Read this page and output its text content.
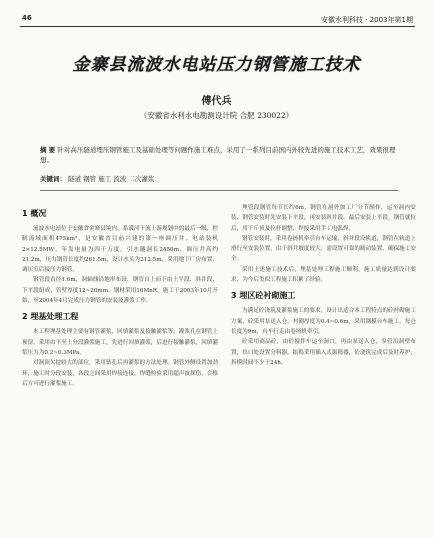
46	安徽水利科技 · 2003年第1期
金寨县流波水电站压力钢管施工技术
傅代兵
（安徽省水利水电勘测设计院 合肥 230022）
摘 要 针对高压隧道埋压钢管施工及基础处理等问题作施工难点，采用了一系列目前国内外较先进的施工技术工艺，效果很理想。
关键词： 隧道 钢管 施工 流波 二次灌浆
1 概况

流波水电站位于安徽省金寨县境内，系潢河干流上游规划中的最后一级，控制流域面积475km²，是安徽省目前兴建的第一座调压井。电站装机2×12.5MW，年发电量为四千万度，引水隧洞长2450m，调压井高约21.2m，压力钢管长度约261.5m，设计水头为212.5m，采用地下厂房布置，调压室后接压力钢管。

钢管段直径1.6m，洞轴线沿地形布设，钢管自上而下由上平段、斜井段、下平段组成，管壁厚度12~20mm，钢材采用16MnR。施工于2003年10月开始，至2004年4月完成压力钢管的安装及灌浆工作。

2 埋基处理工程

本工程埋基处理主要有钢管灌浆、回填灌浆及接触灌浆等。灌浆孔在钢管上预留，采用由下至上分段灌浆施工，先进行回填灌浆，后进行接触灌浆，回填灌浆压力为0.2~0.3MPa。

对洞顶欠挖较大的部位，采用钻孔后再灌浆的方法处理。钢管外侧设置加劲环，施工时分段安装，各段之间采用焊接连接，焊缝检验采用超声波探伤，合格后方可进行灌浆施工。

埋管段钢管每节长约6m，钢管在洞外加工厂分节制作，运至洞内安装，钢管安装时先安装下平段，再安装斜井段，最后安装上平段。钢管就位后，用千斤顶及拉杆调整，焊接采用手工电弧焊。

钢管安装时，采用卷扬机牵引台车运输，斜井段设轨道，钢管在轨道上滑行至安装位置，由于斜井坡度较大，需设置可靠的制动装置，确保施工安全。

采用上述施工技术后，埋基处理工程施工顺利，施工质量达到设计要求，为今后类似工程施工积累了经验。

3 埋区砼衬砌施工

为满足砼浇筑及灌浆施工的要求，设计出适合本工程特点的砼衬砌施工方案，砼采用泵送入仓，衬砌厚度为0.4~0.6m，采用钢模台车施工，每仓长度为9m，台车行走由卷扬机牵引。

砼采用商品砼，由砼搅拌车运至洞口，再由泵送入仓，泵管沿洞壁布置，出口处设置分料器，振捣采用插入式振捣器，砼浇筑完成后及时养护，拆模时间不少于24h。
